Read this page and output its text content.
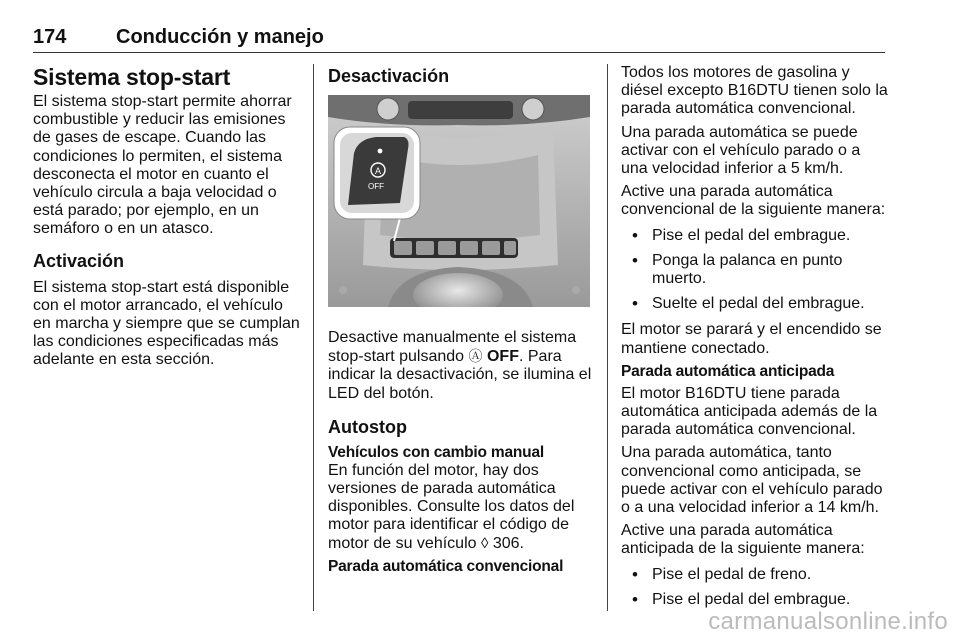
174 Conducción y manejo
Sistema stop-start

El sistema stop-start permite ahorrar combustible y reducir las emisiones de gases de escape. Cuando las condiciones lo permiten, el sistema desconecta el motor en cuanto el vehículo circula a baja velocidad o está parado; por ejemplo, en un semáforo o en un atasco.

Activación

El sistema stop-start está disponible con el motor arrancado, el vehículo en marcha y siempre que se cumplan las condiciones especificadas más adelante en esta sección.

Desactivación
A
OFF

Desactive manualmente el sistema stop-start pulsando Ⓐ OFF. Para indicar la desactivación, se ilumina el LED del botón.

Autostop
Vehículos con cambio manual

En función del motor, hay dos versiones de parada automática disponibles. Consulte los datos del motor para identificar el código de motor de su vehículo ◊ 306.

Parada automática convencional

Todos los motores de gasolina y diésel excepto B16DTU tienen solo la parada automática convencional.

Una parada automática se puede activar con el vehículo parado o a una velocidad inferior a 5 km/h.

Active una parada automática convencional de la siguiente manera:

• Pise el pedal del embrague.
• Ponga la palanca en punto muerto.
• Suelte el pedal del embrague.

El motor se parará y el encendido se mantiene conectado.

Parada automática anticipada

El motor B16DTU tiene parada automática anticipada además de la parada automática convencional.

Una parada automática, tanto convencional como anticipada, se puede activar con el vehículo parado o a una velocidad inferior a 14 km/h.

Active una parada automática anticipada de la siguiente manera:

• Pise el pedal de freno.
• Pise el pedal del embrague.
carmanualsonline.info
